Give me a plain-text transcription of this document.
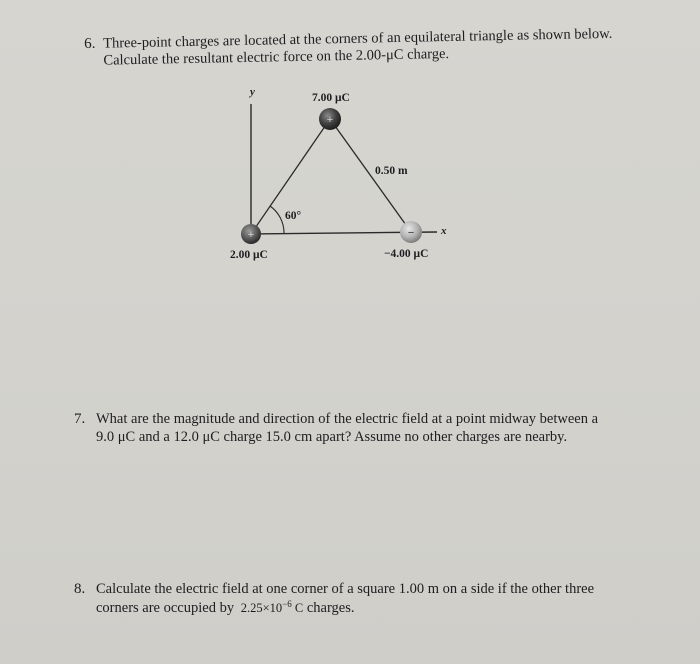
6. Three-point charges are located at the corners of an equilateral triangle as shown below.
Calculate the resultant electric force on the 2.00-μC charge.
+
+	−
y
x
7.00 μC
0.50 m
60°
2.00 μC	−4.00 μC
7. What are the magnitude and direction of the electric field at a point midway between a
9.0 μC and a 12.0 μC charge 15.0 cm apart? Assume no other charges are nearby.
8. Calculate the electric field at one corner of a square 1.00 m on a side if the other three
corners are occupied by $2.25\times 10^{-6}$ C charges.
